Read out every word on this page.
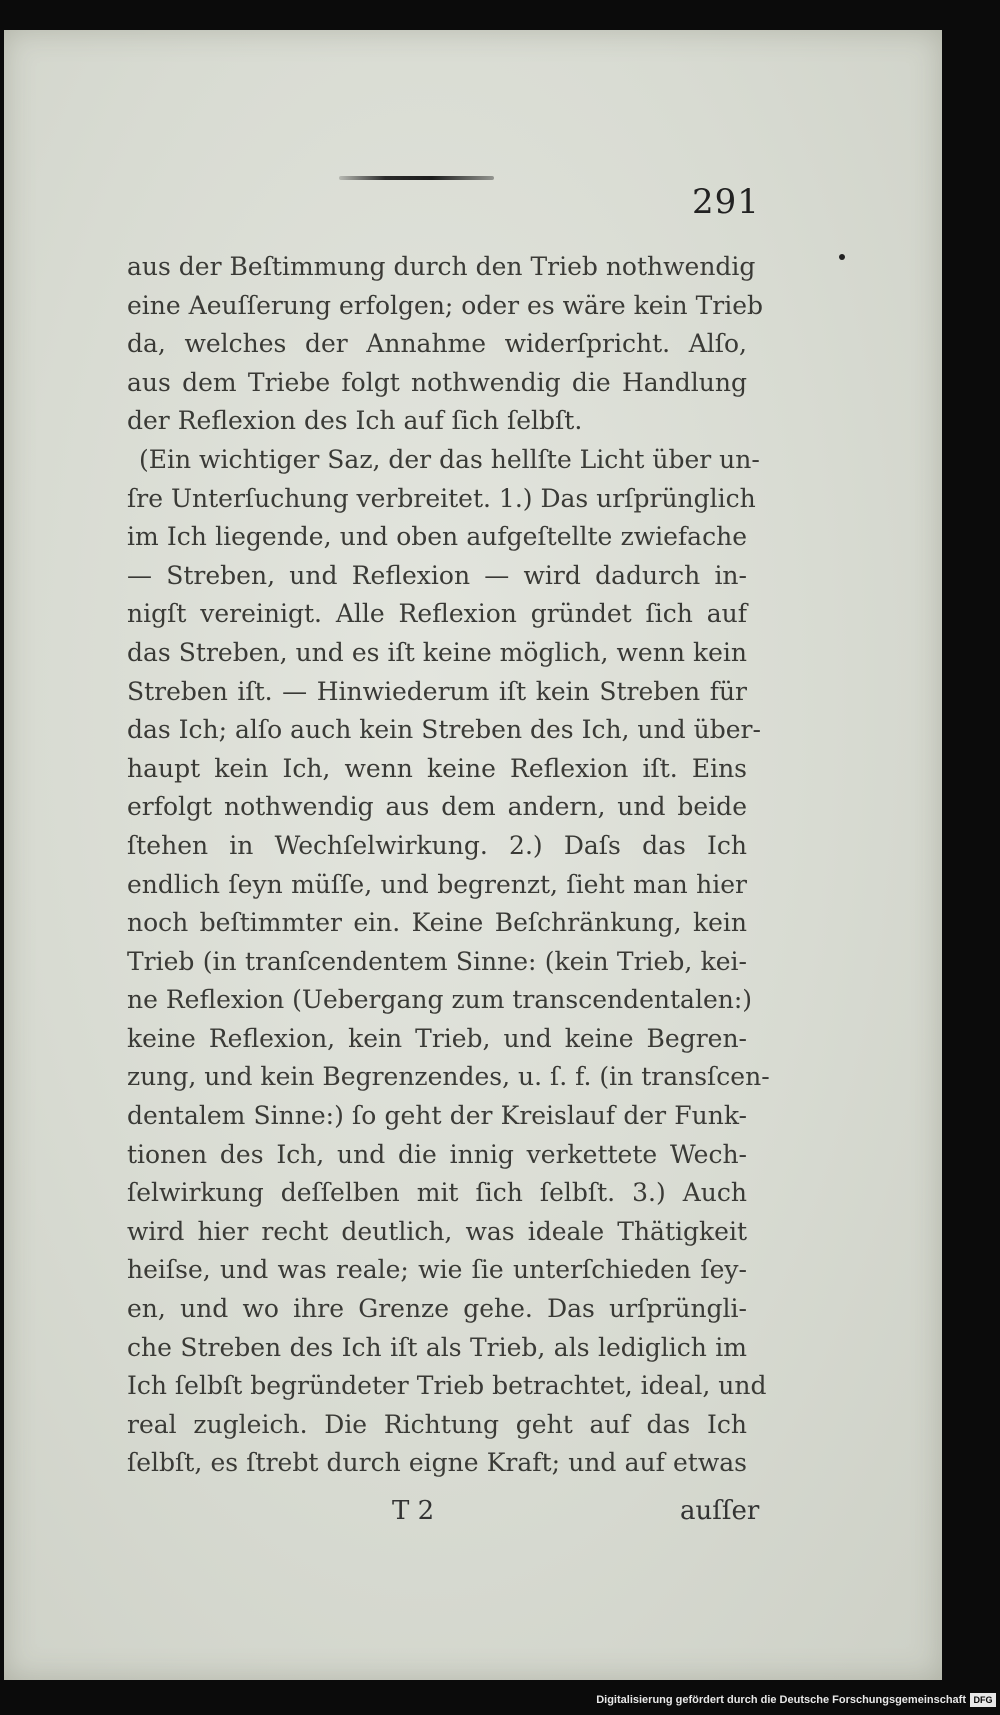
291
aus der Beſtimmung durch den Trieb nothwendig
eine Aeuſſerung erfolgen; oder es wäre kein Trieb
da, welches der Annahme widerſpricht. Alſo,
aus dem Triebe folgt nothwendig die Handlung
der Reflexion des Ich auf ſich ſelbſt.
(Ein wichtiger Saz, der das hellſte Licht über un-
ſre Unterſuchung verbreitet. 1.) Das urſprünglich
im Ich liegende, und oben aufgeſtellte zwiefache
— Streben, und Reflexion — wird dadurch in-
nigſt vereinigt. Alle Reflexion gründet ſich auf
das Streben, und es iſt keine möglich, wenn kein
Streben iſt. — Hinwiederum iſt kein Streben für
das Ich; alſo auch kein Streben des Ich, und über-
haupt kein Ich, wenn keine Reflexion iſt. Eins
erfolgt nothwendig aus dem andern, und beide
ſtehen in Wechſelwirkung. 2.) Daſs das Ich
endlich ſeyn müſſe, und begrenzt, ſieht man hier
noch beſtimmter ein. Keine Beſchränkung, kein
Trieb (in tranſcendentem Sinne: (kein Trieb, kei-
ne Reflexion (Uebergang zum transcendentalen:)
keine Reflexion, kein Trieb, und keine Begren-
zung, und kein Begrenzendes, u. ſ. f. (in transſcen-
dentalem Sinne:) ſo geht der Kreislauf der Funk-
tionen des Ich, und die innig verkettete Wech-
ſelwirkung deſſelben mit ſich ſelbſt. 3.) Auch
wird hier recht deutlich, was ideale Thätigkeit
heiſse, und was reale; wie ſie unterſchieden ſey-
en, und wo ihre Grenze gehe. Das urſprüngli-
che Streben des Ich iſt als Trieb, als lediglich im
Ich ſelbſt begründeter Trieb betrachtet, ideal, und
real zugleich. Die Richtung geht auf das Ich
ſelbſt, es ſtrebt durch eigne Kraft; und auf etwas
T 2	auſſer
Digitalisierung gefördert durch die Deutsche Forschungsgemeinschaft DFG
